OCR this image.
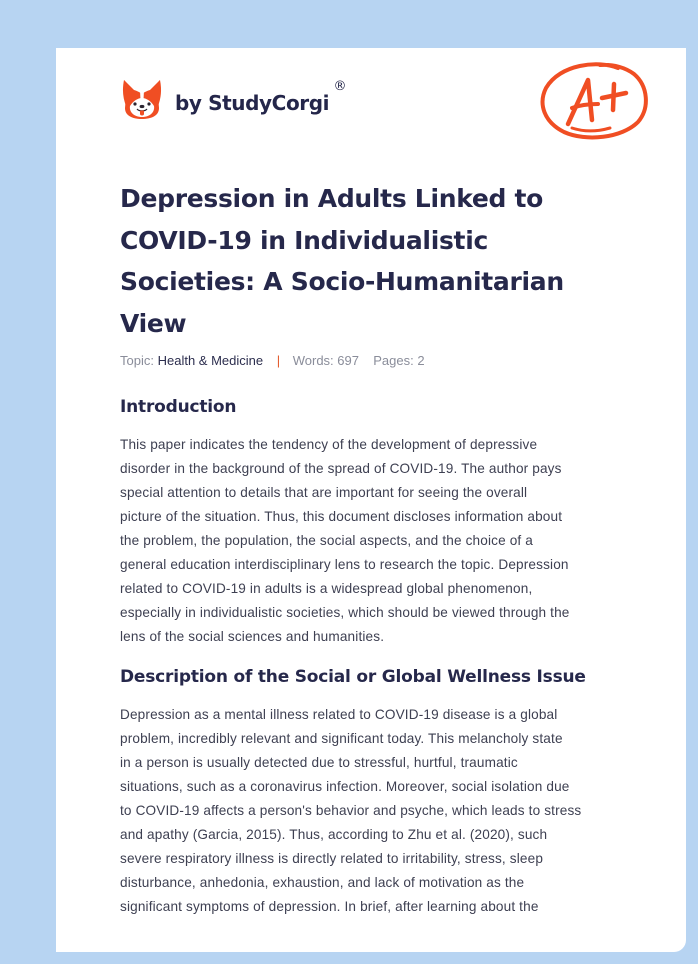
by StudyCorgi
®
Depression in Adults Linked to
COVID-19 in Individualistic
Societies: A Socio-Humanitarian
View
Topic: Health & Medicine | Words: 697 Pages: 2
Introduction

This paper indicates the tendency of the development of depressive
disorder in the background of the spread of COVID-19. The author pays
special attention to details that are important for seeing the overall
picture of the situation. Thus, this document discloses information about
the problem, the population, the social aspects, and the choice of a
general education interdisciplinary lens to research the topic. Depression
related to COVID-19 in adults is a widespread global phenomenon,
especially in individualistic societies, which should be viewed through the
lens of the social sciences and humanities.

Description of the Social or Global Wellness Issue

Depression as a mental illness related to COVID-19 disease is a global
problem, incredibly relevant and significant today. This melancholy state
in a person is usually detected due to stressful, hurtful, traumatic
situations, such as a coronavirus infection. Moreover, social isolation due
to COVID-19 affects a person's behavior and psyche, which leads to stress
and apathy (Garcia, 2015). Thus, according to Zhu et al. (2020), such
severe respiratory illness is directly related to irritability, stress, sleep
disturbance, anhedonia, exhaustion, and lack of motivation as the
significant symptoms of depression. In brief, after learning about the
